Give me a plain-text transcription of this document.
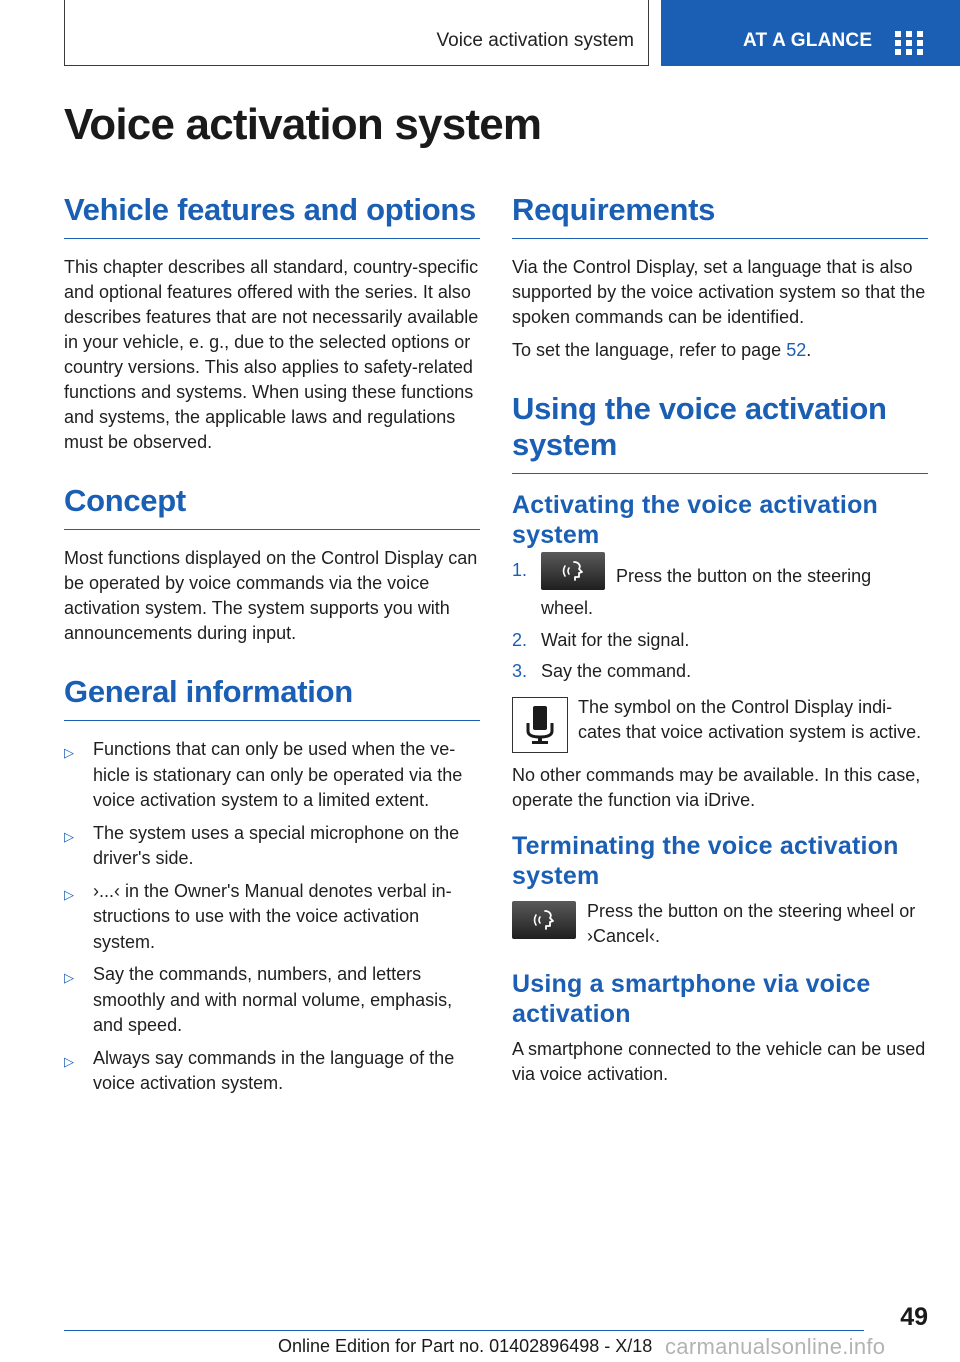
Voice activation system	AT A GLANCE
Voice activation system
Vehicle features and options

This chapter describes all standard, country-specific and optional features offered with the series. It also describes features that are not necessarily available in your vehicle, e. g., due to the selected options or country versions. This also applies to safety-related functions and systems. When using these functions and systems, the applicable laws and regulations must be observed.

Concept

Most functions displayed on the Control Display can be operated by voice commands via the voice activation system. The system supports you with announcements during input.

General information
▷ Functions that can only be used when the vehicle is stationary can only be operated via the voice activation system to a limited extent.
▷ The system uses a special microphone on the driver's side.
▷ ›...‹ in the Owner's Manual denotes verbal instructions to use with the voice activation system.
▷ Say the commands, numbers, and letters smoothly and with normal volume, emphasis, and speed.
▷ Always say commands in the language of the voice activation system.
Requirements

Via the Control Display, set a language that is also supported by the voice activation system so that the spoken commands can be identified.

To set the language, refer to page 52.

Using the voice activation system
Activating the voice activation system
1.	Press the button on the steering wheel.
2. Wait for the signal.
3. Say the command.

The symbol on the Control Display indicates that voice activation system is active.

No other commands may be available. In this case, operate the function via iDrive.

Terminating the voice activation system

Press the button on the steering wheel or ›Cancel‹.

Using a smartphone via voice activation

A smartphone connected to the vehicle can be used via voice activation.

49
Online Edition for Part no. 01402896498 - X/18 carmanualsonline.info
